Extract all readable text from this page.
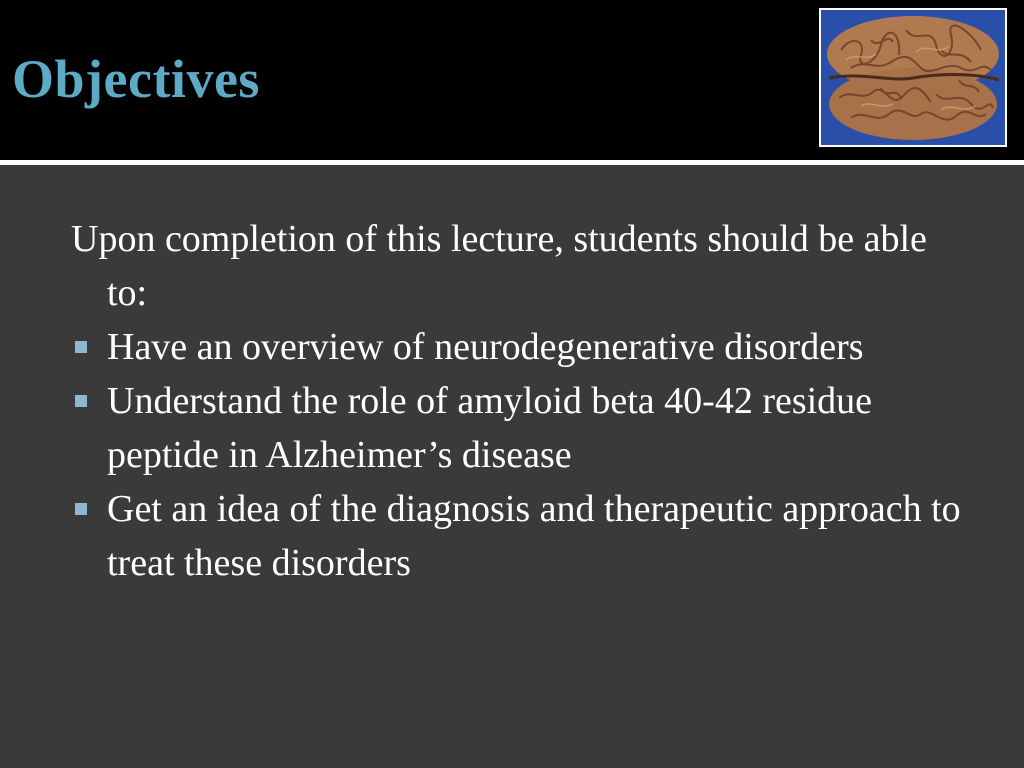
Objectives

Upon completion of this lecture, students should be able to:

Have an overview of neurodegenerative disorders
Understand the role of amyloid beta 40-42 residue peptide in Alzheimer’s disease
Get an idea of the diagnosis and therapeutic approach to treat these disorders
